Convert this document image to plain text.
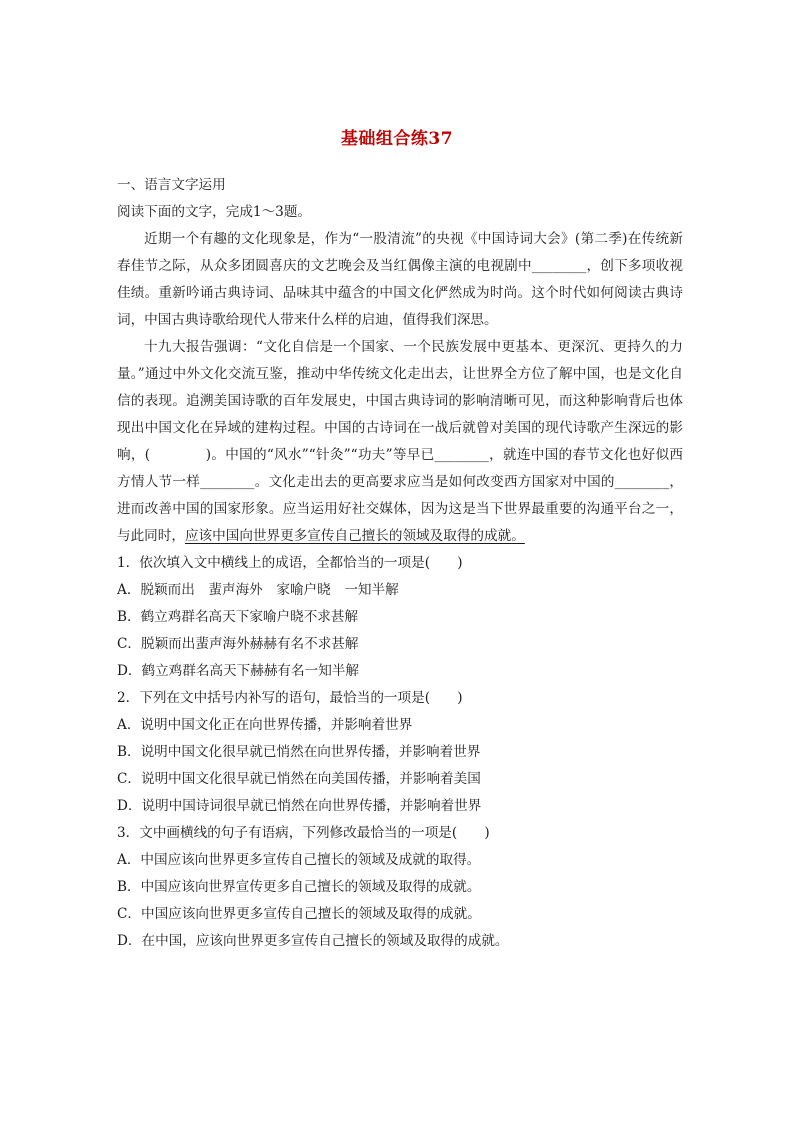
基础组合练37
一、语言文字运用
阅读下面的文字，完成1～3题。

近期一个有趣的文化现象是，作为“一股清流”的央视《中国诗词大会》(第二季)在传统新春佳节之际，从众多团圆喜庆的文艺晚会及当红偶像主演的电视剧中________，创下多项收视佳绩。重新吟诵古典诗词、品味其中蕴含的中国文化俨然成为时尚。这个时代如何阅读古典诗词，中国古典诗歌给现代人带来什么样的启迪，值得我们深思。

十九大报告强调：“文化自信是一个国家、一个民族发展中更基本、更深沉、更持久的力量。”通过中外文化交流互鉴，推动中华传统文化走出去，让世界全方位了解中国，也是文化自信的表现。追溯美国诗歌的百年发展史，中国古典诗词的影响清晰可见，而这种影响背后也体现出中国文化在异域的建构过程。中国的古诗词在一战后就曾对美国的现代诗歌产生深远的影响，(　　　　)。中国的“风水”“针灸”“功夫”等早已________，就连中国的春节文化也好似西方情人节一样________。文化走出去的更高要求应当是如何改变西方国家对中国的________，进而改善中国的国家形象。应当运用好社交媒体，因为这是当下世界最重要的沟通平台之一，与此同时，应该中国向世界更多宣传自己擅长的领域及取得的成就。

1．依次填入文中横线上的成语，全都恰当的一项是(　　)
A．脱颖而出　蜚声海外　家喻户晓　一知半解
B．鹤立鸡群名高天下家喻户晓不求甚解
C．脱颖而出蜚声海外赫赫有名不求甚解
D．鹤立鸡群名高天下赫赫有名一知半解
2．下列在文中括号内补写的语句，最恰当的一项是(　　)
A．说明中国文化正在向世界传播，并影响着世界
B．说明中国文化很早就已悄然在向世界传播，并影响着世界
C．说明中国文化很早就已悄然在向美国传播，并影响着美国
D．说明中国诗词很早就已悄然在向世界传播，并影响着世界
3．文中画横线的句子有语病，下列修改最恰当的一项是(　　)
A．中国应该向世界更多宣传自己擅长的领域及成就的取得。
B．中国应该向世界宣传更多自己擅长的领域及取得的成就。
C．中国应该向世界更多宣传自己擅长的领域及取得的成就。
D．在中国，应该向世界更多宣传自己擅长的领域及取得的成就。
